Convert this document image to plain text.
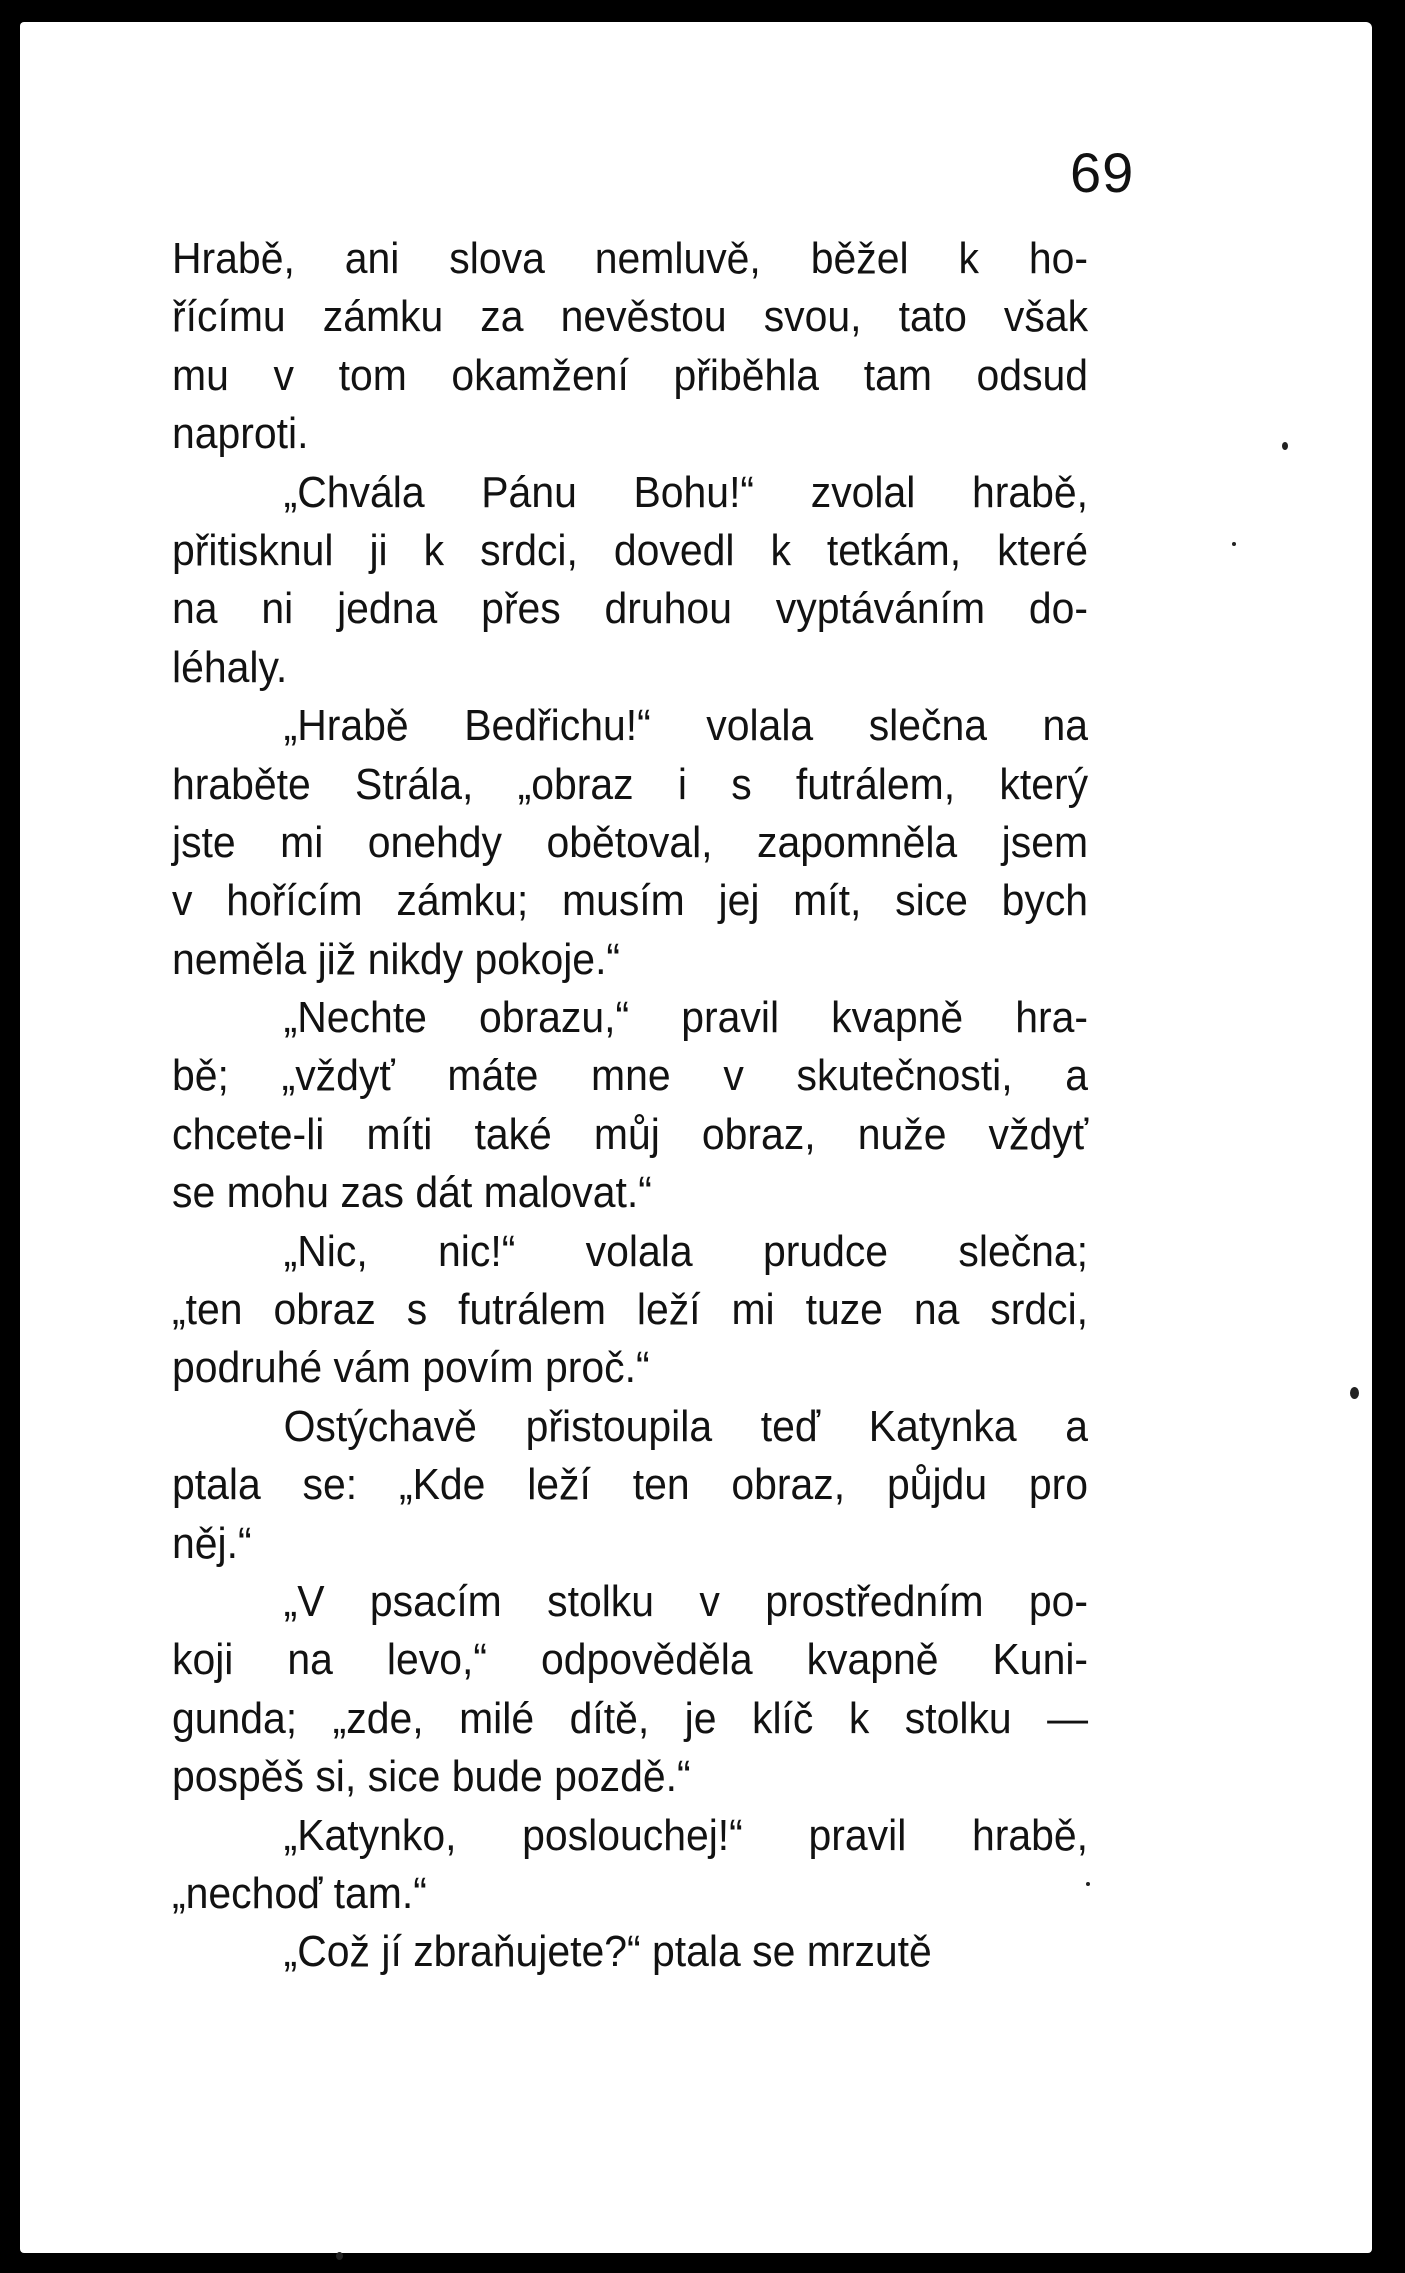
69
Hrabě, ani slova nemluvě, běžel k ho-
řícímu zámku za nevěstou svou, tato však
mu v tom okamžení přiběhla tam odsud
naproti.
„Chvála Pánu Bohu!“ zvolal hrabě,
přitisknul ji k srdci, dovedl k tetkám, které
na ni jedna přes druhou vyptáváním do-
léhaly.
„Hrabě Bedřichu!“ volala slečna na
hraběte Strála, „obraz i s futrálem, který
jste mi onehdy obětoval, zapomněla jsem
v hořícím zámku; musím jej mít, sice bych
neměla již nikdy pokoje.“
„Nechte obrazu,“ pravil kvapně hra-
bě; „vždyť máte mne v skutečnosti, a
chcete-li míti také můj obraz, nuže vždyť
se mohu zas dát malovat.“
„Nic, nic!“ volala prudce slečna;
„ten obraz s futrálem leží mi tuze na srdci,
podruhé vám povím proč.“
Ostýchavě přistoupila teď Katynka a
ptala se: „Kde leží ten obraz, půjdu pro
něj.“
„V psacím stolku v prostředním po-
koji na levo,“ odpověděla kvapně Kuni-
gunda; „zde, milé dítě, je klíč k stolku —
pospěš si, sice bude pozdě.“
„Katynko, poslouchej!“ pravil hrabě,
„nechoď tam.“
„Což jí zbraňujete?“ ptala se mrzutě
